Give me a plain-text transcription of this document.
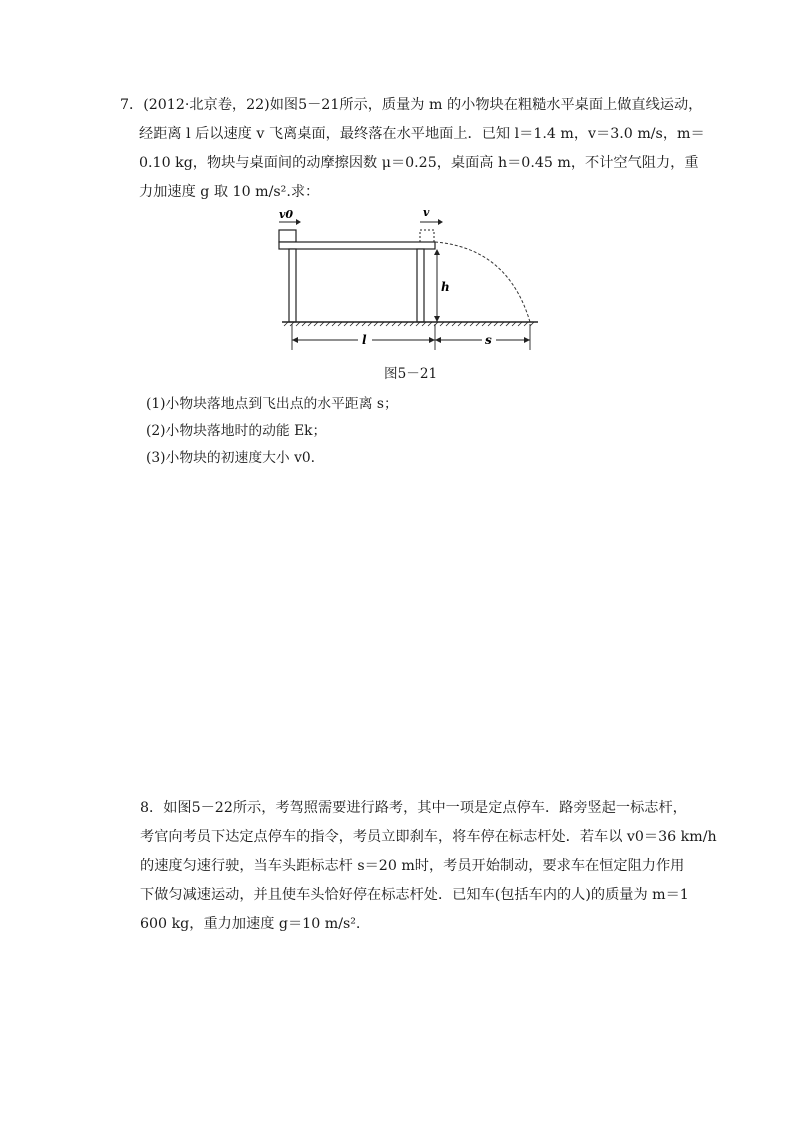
7．(2012·北京卷，22)如图5－21所示，质量为 m 的小物块在粗糙水平桌面上做直线运动，
经距离 l 后以速度 v 飞离桌面，最终落在水平地面上．已知 l＝1.4 m，v＝3.0 m/s，m＝
0.10 kg，物块与桌面间的动摩擦因数 μ＝0.25，桌面高 h＝0.45 m，不计空气阻力，重
力加速度 g 取 10 m/s².求：
v0	v
h
l	s
图5－21
(1)小物块落地点到飞出点的水平距离 s；
(2)小物块落地时的动能 Ek；
(3)小物块的初速度大小 v0.
8．如图5－22所示，考驾照需要进行路考，其中一项是定点停车．路旁竖起一标志杆，
考官向考员下达定点停车的指令，考员立即刹车，将车停在标志杆处．若车以 v0＝36 km/h
的速度匀速行驶，当车头距标志杆 s＝20 m时，考员开始制动，要求车在恒定阻力作用
下做匀减速运动，并且使车头恰好停在标志杆处．已知车(包括车内的人)的质量为 m＝1
600 kg，重力加速度 g＝10 m/s².
